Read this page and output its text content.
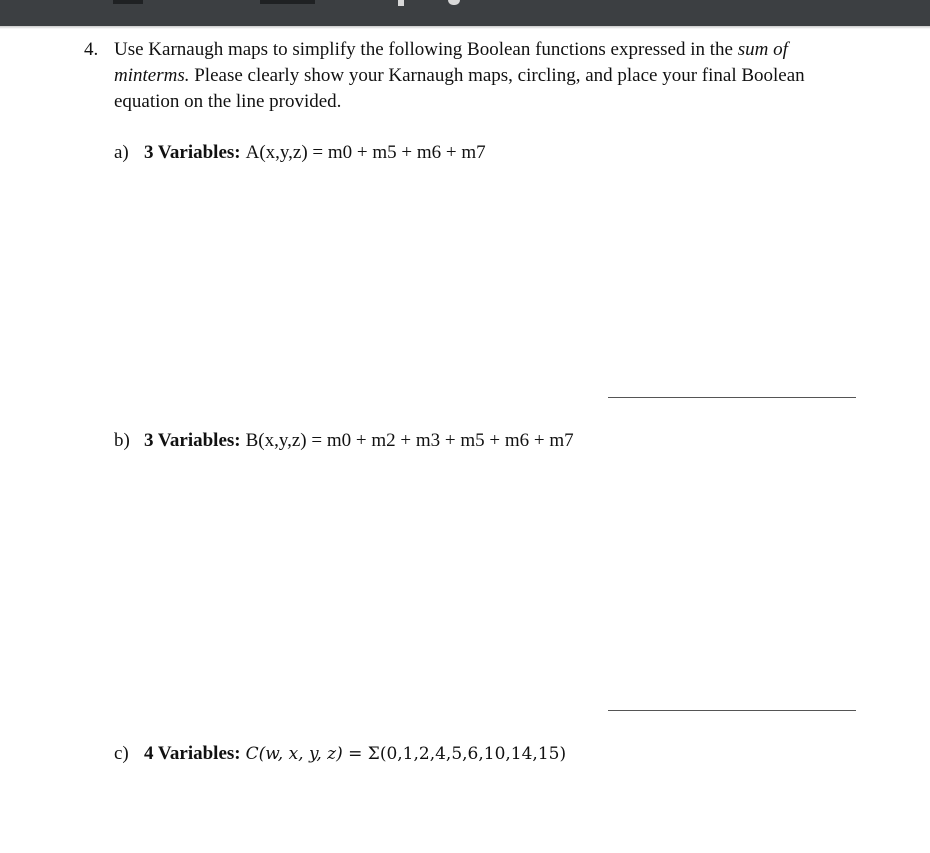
4. Use Karnaugh maps to simplify the following Boolean functions expressed in the sum of minterms. Please clearly show your Karnaugh maps, circling, and place your final Boolean equation on the line provided.
a) 3 Variables: A(x,y,z) = m0 + m5 + m6 + m7
b) 3 Variables: B(x,y,z) = m0 + m2 + m3 + m5 + m6 + m7
c) 4 Variables: C(w, x, y, z) = Σ(0,1,2,4,5,6,10,14,15)
